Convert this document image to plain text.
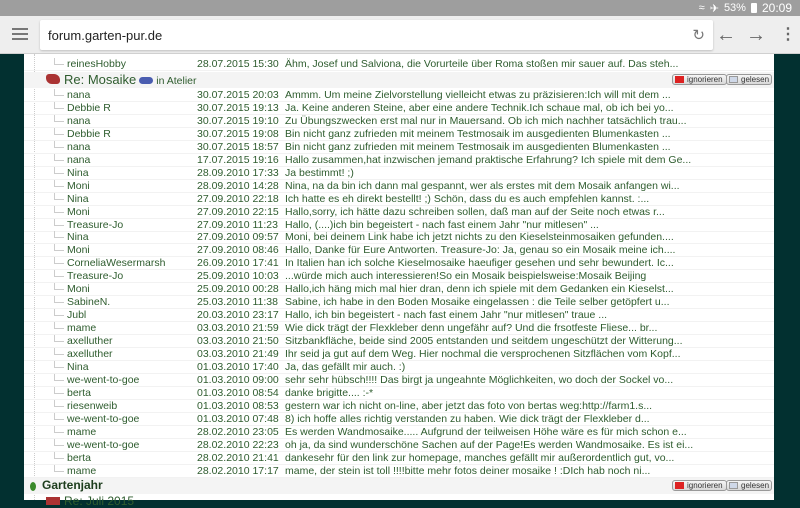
≈ ✈ 53% 20:09
forum.garten-pur.de	↻ ← → ⋮
reinesHobby	28.07.2015 15:30 Ähm, Josef und Salviona, die Vorurteile über Roma stoßen mir sauer auf. Das steh...
Re: Mosaike in Atelier	ignorieren	gelesen
nana	30.07.2015 20:03 Ammm. Um meine Zielvorstellung vielleicht etwas zu präzisieren:Ich will mit dem ...
Debbie R	30.07.2015 19:13 Ja. Keine anderen Steine, aber eine andere Technik.Ich schaue mal, ob ich bei yo...
nana	30.07.2015 19:10 Zu Übungszwecken erst mal nur in Mauersand. Ob ich mich nachher tatsächlich trau...
Debbie R	30.07.2015 19:08 Bin nicht ganz zufrieden mit meinem Testmosaik im ausgedienten Blumenkasten ...
nana	30.07.2015 18:57 Bin nicht ganz zufrieden mit meinem Testmosaik im ausgedienten Blumenkasten ...
nana	17.07.2015 19:16 Hallo zusammen,hat inzwischen jemand praktische Erfahrung? Ich spiele mit dem Ge...
Nina	28.09.2010 17:33 Ja bestimmt! ;)
Moni	28.09.2010 14:28 Nina, na da bin ich dann mal gespannt, wer als erstes mit dem Mosaik anfangen wi...
Nina	27.09.2010 22:18 Ich hatte es eh direkt bestellt! ;) Schön, dass du es auch empfehlen kannst. :...
Moni	27.09.2010 22:15 Hallo,sorry, ich hätte dazu schreiben sollen, daß man auf der Seite noch etwas r...
Treasure-Jo	27.09.2010 11:23 Hallo, (....)ich bin begeistert - nach fast einem Jahr "nur mitlesen" ...
Nina	27.09.2010 09:57 Moni, bei deinem Link habe ich jetzt nichts zu den Kieselsteinmosaiken gefunden....
Moni	27.09.2010 08:46 Hallo, Danke für Eure Antworten. Treasure-Jo: Ja, genau so ein Mosaik meine ich....
CorneliaWesermarsh	26.09.2010 17:41 In Italien han ich solche Kieselmosaike haeufiger gesehen und sehr bewundert. Ic...
Treasure-Jo	25.09.2010 10:03 ...würde mich auch interessieren!So ein Mosaik beispielsweise:Mosaik Beijing
Moni	25.09.2010 00:28 Hallo,ich häng mich mal hier dran, denn ich spiele mit dem Gedanken ein Kieselst...
SabineN.	25.03.2010 11:38 Sabine, ich habe in den Boden Mosaike eingelassen : die Teile selber getöpfert u...
Jubl	20.03.2010 23:17 Hallo, ich bin begeistert - nach fast einem Jahr "nur mitlesen" traue ...
mame	03.03.2010 21:59 Wie dick trägt der Flexkleber denn ungefähr auf? Und die frsotfeste Fliese... br...
axelluther	03.03.2010 21:50 Sitzbankfläche, beide sind 2005 entstanden und seitdem ungeschützt der Witterung...
axelluther	03.03.2010 21:49 Ihr seid ja gut auf dem Weg. Hier nochmal die versprochenen Sitzflächen vom Kopf...
Nina	01.03.2010 17:40 Ja, das gefällt mir auch. :)
we-went-to-goe	01.03.2010 09:00 sehr sehr hübsch!!!! Das birgt ja ungeahnte Möglichkeiten, wo doch der Sockel vo...
berta	01.03.2010 08:54 danke brigitte.... :-*
riesenweib	01.03.2010 08:53 gestern war ich nicht on-line, aber jetzt das foto von bertas weg:http://farm1.s...
we-went-to-goe	01.03.2010 07:48 8) ich hoffe alles richtig verstanden zu haben. Wie dick trägt der Flexkleber d...
mame	28.02.2010 23:05 Es werden Wandmosaike..... Aufgrund der teilweisen Höhe wäre es für mich schon e...
we-went-to-goe	28.02.2010 22:23 oh ja, da sind wunderschöne Sachen auf der Page!Es werden Wandmosaike. Es ist ei...
berta	28.02.2010 21:41 dankesehr für den link zur homepage, manches gefällt mir außerordentlich gut, vo...
mame	28.02.2010 17:17 mame, der stein ist toll !!!!bitte mehr fotos deiner mosaike ! :DIch hab noch ni...
Gartenjahr	ignorieren	gelesen
Re: Juli 2015
